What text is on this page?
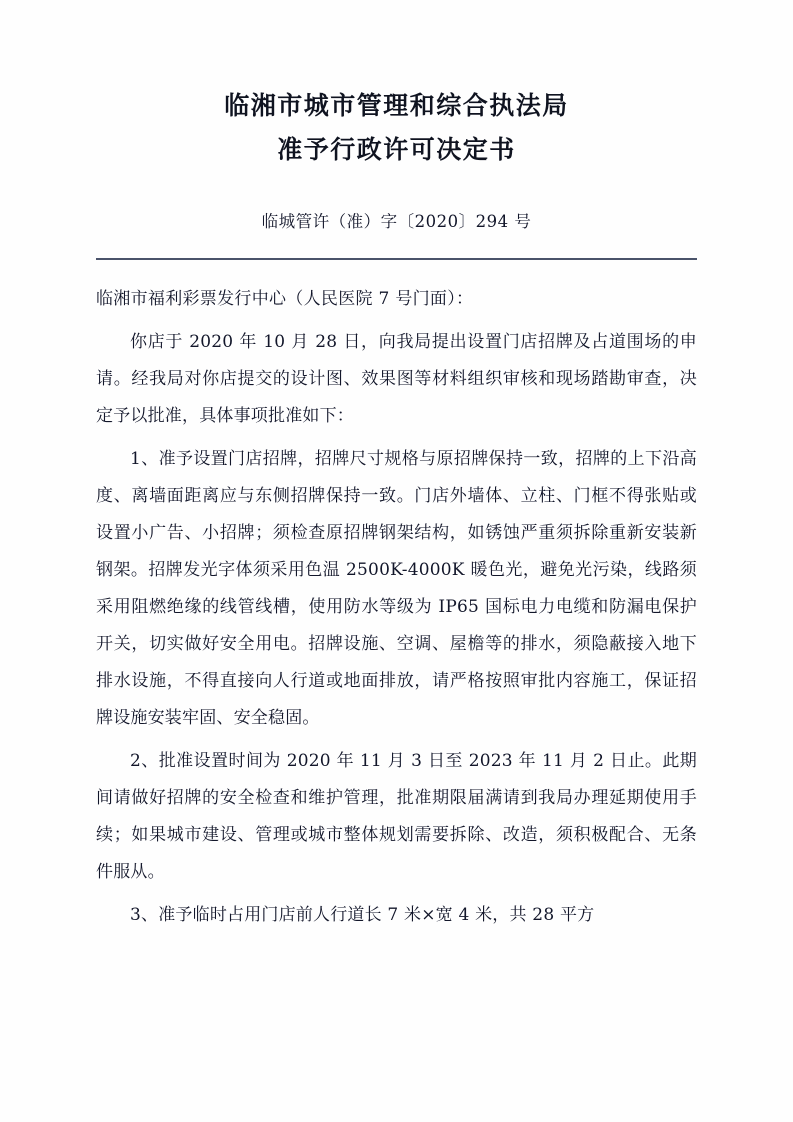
临湘市城市管理和综合执法局
准予行政许可决定书
临城管许（准）字〔2020〕294 号
临湘市福利彩票发行中心（人民医院 7 号门面）：
你店于 2020 年 10 月 28 日，向我局提出设置门店招牌及占道围场的申请。经我局对你店提交的设计图、效果图等材料组织审核和现场踏勘审查，决定予以批准，具体事项批准如下：
1、准予设置门店招牌，招牌尺寸规格与原招牌保持一致，招牌的上下沿高度、离墙面距离应与东侧招牌保持一致。门店外墙体、立柱、门框不得张贴或设置小广告、小招牌；须检查原招牌钢架结构，如锈蚀严重须拆除重新安装新钢架。招牌发光字体须采用色温 2500K-4000K 暖色光，避免光污染，线路须采用阻燃绝缘的线管线槽，使用防水等级为 IP65 国标电力电缆和防漏电保护开关，切实做好安全用电。招牌设施、空调、屋檐等的排水，须隐蔽接入地下排水设施，不得直接向人行道或地面排放，请严格按照审批内容施工，保证招牌设施安装牢固、安全稳固。
2、批准设置时间为 2020 年 11 月 3 日至 2023 年 11 月 2 日止。此期间请做好招牌的安全检查和维护管理，批准期限届满请到我局办理延期使用手续；如果城市建设、管理或城市整体规划需要拆除、改造，须积极配合、无条件服从。
3、准予临时占用门店前人行道长 7 米×宽 4 米，共 28 平方
